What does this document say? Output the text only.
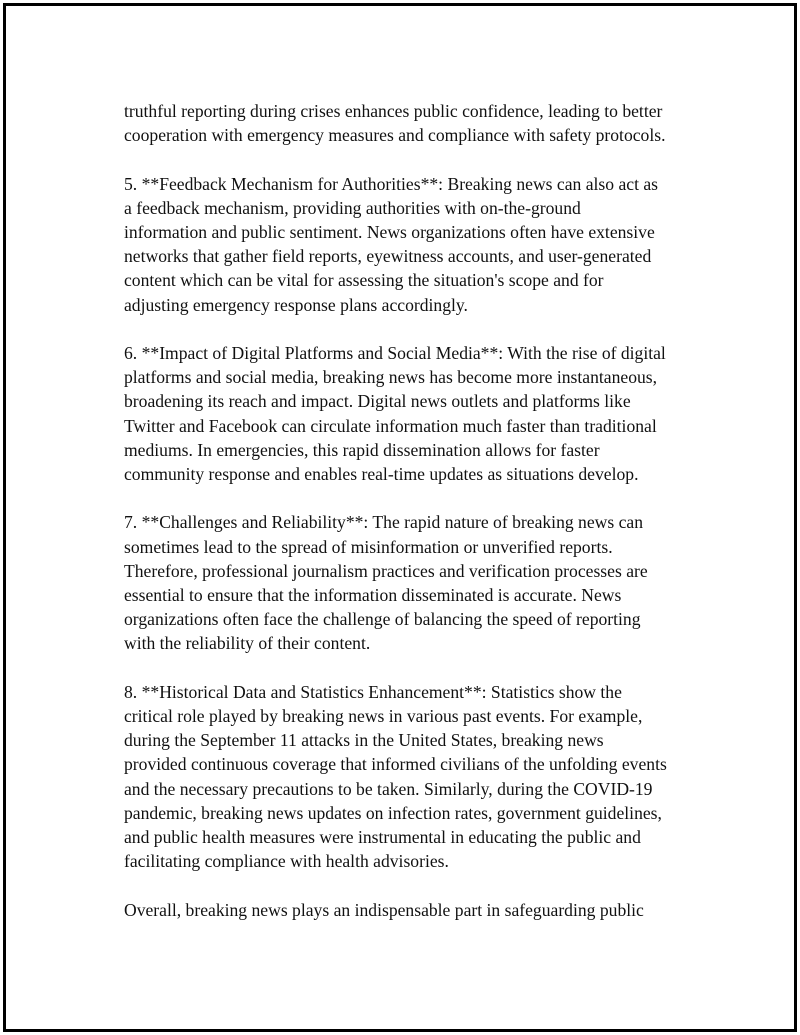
truthful reporting during crises enhances public confidence, leading to better
cooperation with emergency measures and compliance with safety protocols.

5. **Feedback Mechanism for Authorities**: Breaking news can also act as
a feedback mechanism, providing authorities with on-the-ground
information and public sentiment. News organizations often have extensive
networks that gather field reports, eyewitness accounts, and user-generated
content which can be vital for assessing the situation's scope and for
adjusting emergency response plans accordingly.

6. **Impact of Digital Platforms and Social Media**: With the rise of digital
platforms and social media, breaking news has become more instantaneous,
broadening its reach and impact. Digital news outlets and platforms like
Twitter and Facebook can circulate information much faster than traditional
mediums. In emergencies, this rapid dissemination allows for faster
community response and enables real-time updates as situations develop.

7. **Challenges and Reliability**: The rapid nature of breaking news can
sometimes lead to the spread of misinformation or unverified reports.
Therefore, professional journalism practices and verification processes are
essential to ensure that the information disseminated is accurate. News
organizations often face the challenge of balancing the speed of reporting
with the reliability of their content.

8. **Historical Data and Statistics Enhancement**: Statistics show the
critical role played by breaking news in various past events. For example,
during the September 11 attacks in the United States, breaking news
provided continuous coverage that informed civilians of the unfolding events
and the necessary precautions to be taken. Similarly, during the COVID-19
pandemic, breaking news updates on infection rates, government guidelines,
and public health measures were instrumental in educating the public and
facilitating compliance with health advisories.

Overall, breaking news plays an indispensable part in safeguarding public
